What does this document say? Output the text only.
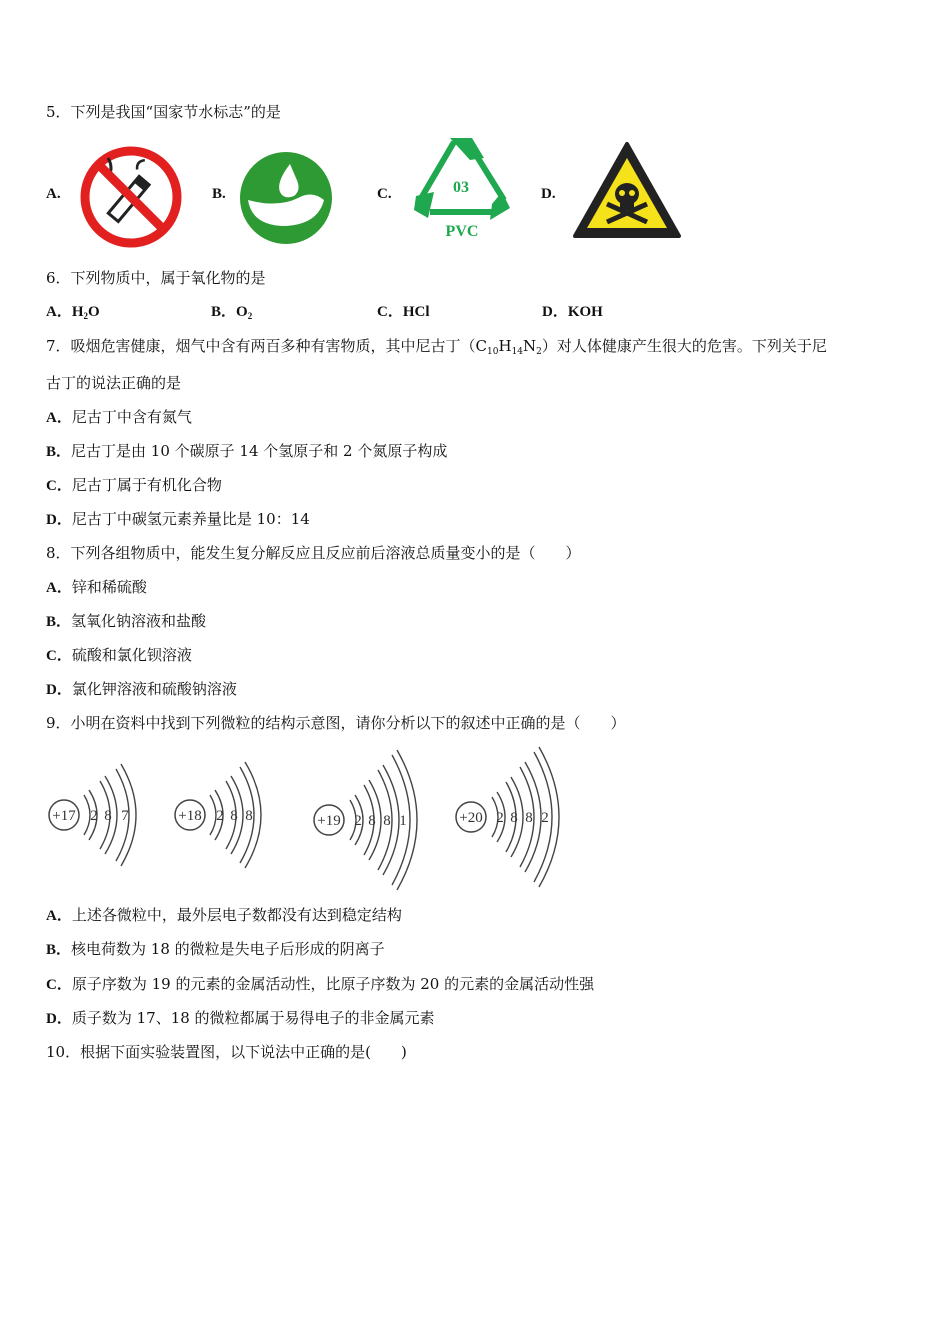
5．下列是我国“国家节水标志”的是
A.	B.	C.	03
PVC
D.
6．下列物质中，属于氧化物的是
A．$H_2O$	B．$O_2$	C．HCl	D．KOH
7．吸烟危害健康，烟气中含有两百多种有害物质，其中尼古丁$(C_{10}H_{14}N_2)$对人体健康产生很大的危害。下列关于尼
古丁的说法正确的是
A．尼古丁中含有氮气
B．尼古丁是由 10 个碳原子 14 个氢原子和 2 个氮原子构成
C．尼古丁属于有机化合物
D．尼古丁中碳氢元素养量比是 10：14
8．下列各组物质中，能发生复分解反应且反应前后溶液总质量变小的是（　　）
A．锌和稀硫酸
B．氢氧化钠溶液和盐酸
C．硫酸和氯化钡溶液
D．氯化钾溶液和硫酸钠溶液
9．小明在资料中找到下列微粒的结构示意图，请你分析以下的叙述中正确的是（　　）
+17 2 8 7	+18 2 8 8	+19 2 8 8 1	+20 2 8 8 2
A．上述各微粒中，最外层电子数都没有达到稳定结构
B．核电荷数为 18 的微粒是失电子后形成的阴离子
C．原子序数为 19 的元素的金属活动性，比原子序数为 20 的元素的金属活动性强
D．质子数为 17、18 的微粒都属于易得电子的非金属元素
10．根据下面实验装置图，以下说法中正确的是(　　)
